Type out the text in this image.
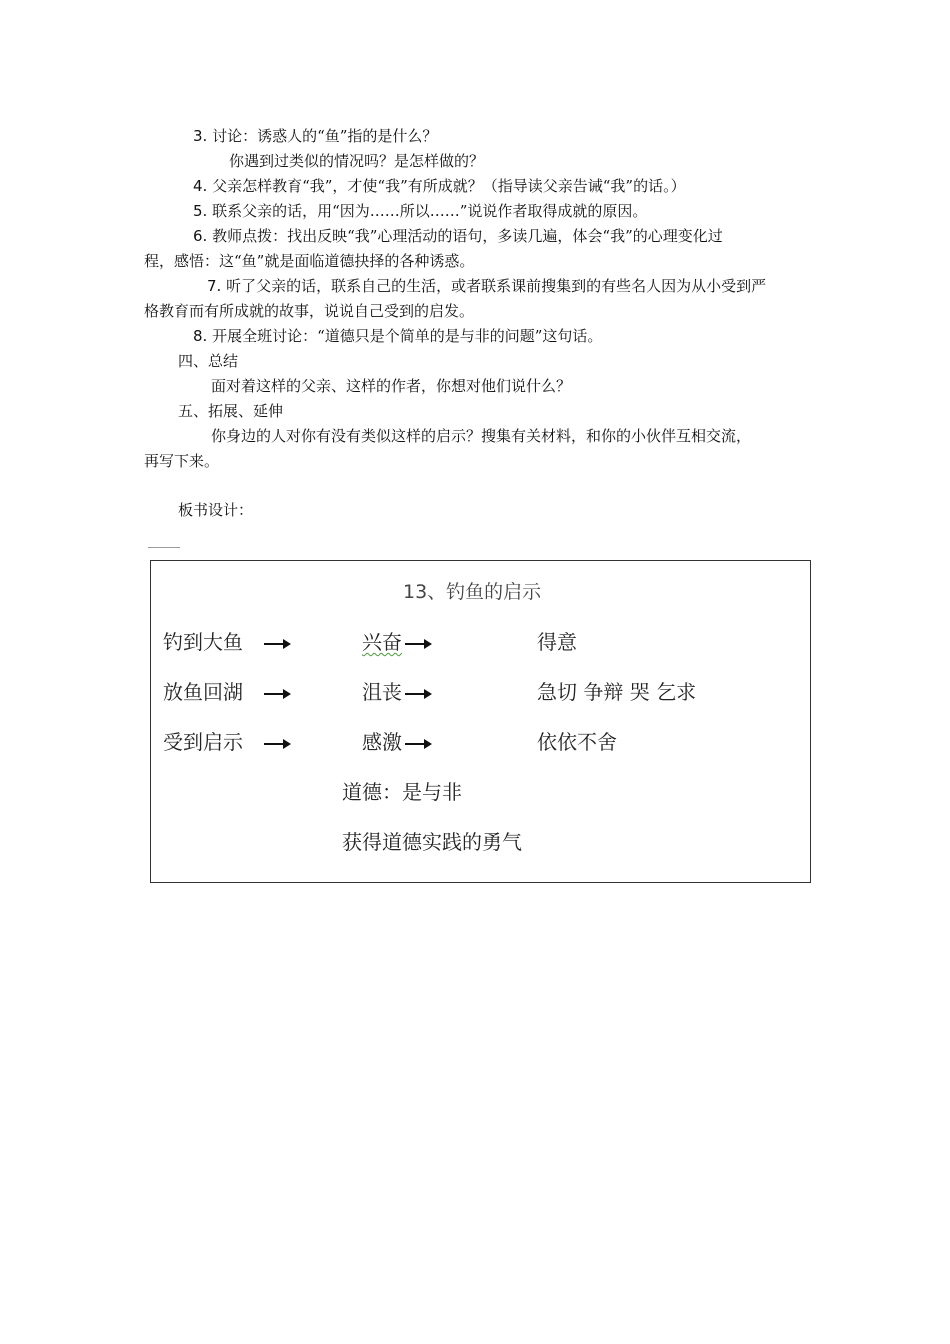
3. 讨论：诱惑人的“鱼”指的是什么？
你遇到过类似的情况吗？是怎样做的？
4. 父亲怎样教育“我”，才使“我”有所成就？（指导读父亲告诫“我”的话。）
5. 联系父亲的话，用“因为……所以……”说说作者取得成就的原因。
6. 教师点拨：找出反映“我”心理活动的语句，多读几遍，体会“我”的心理变化过
程，感悟：这“鱼”就是面临道德抉择的各种诱惑。
7. 听了父亲的话，联系自己的生活，或者联系课前搜集到的有些名人因为从小受到严
格教育而有所成就的故事，说说自己受到的启发。
8. 开展全班讨论：“道德只是个简单的是与非的问题”这句话。
四、总结
面对着这样的父亲、这样的作者，你想对他们说什么？
五、拓展、延伸
你身边的人对你有没有类似这样的启示？搜集有关材料，和你的小伙伴互相交流，
再写下来。
板书设计：
13、钓鱼的启示
钓到大鱼	兴奋	得意
放鱼回湖	沮丧	急切 争辩 哭 乞求
受到启示	感激	依依不舍
道德：是与非
获得道德实践的勇气
